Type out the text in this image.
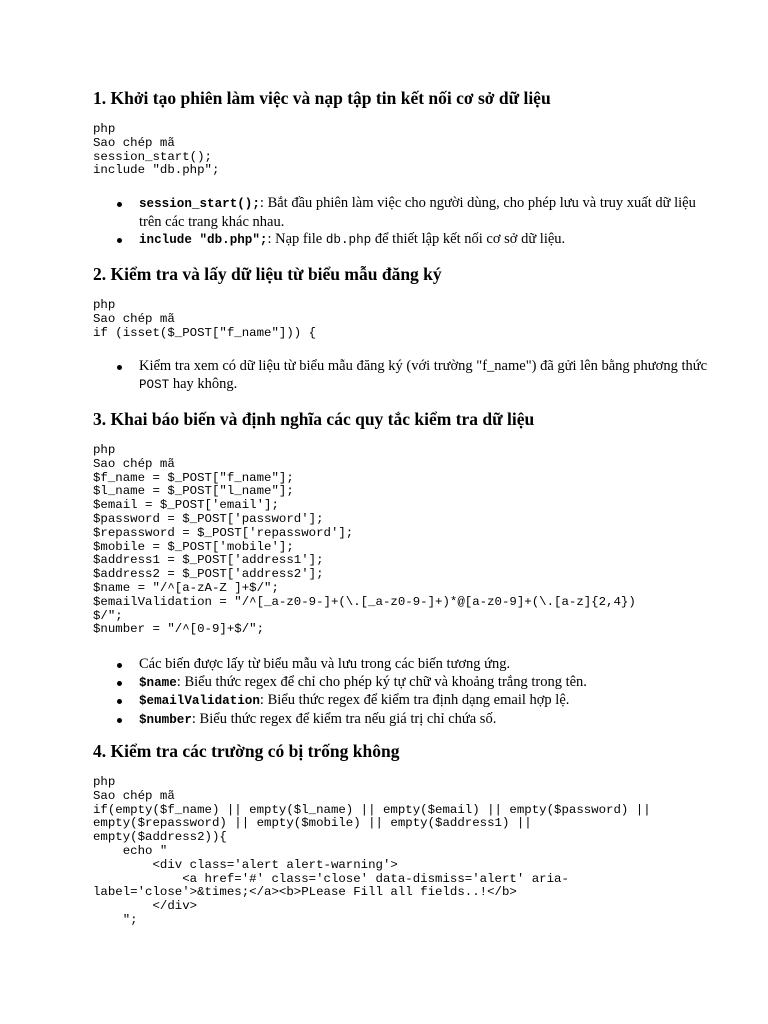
1. Khởi tạo phiên làm việc và nạp tập tin kết nối cơ sở dữ liệu
php
Sao chép mã
session_start();
include "db.php";
session_start();: Bắt đầu phiên làm việc cho người dùng, cho phép lưu và truy xuất dữ liệu trên các trang khác nhau.
include "db.php";: Nạp file db.php để thiết lập kết nối cơ sở dữ liệu.
2. Kiểm tra và lấy dữ liệu từ biểu mẫu đăng ký
php
Sao chép mã
if (isset($_POST["f_name"])) {
Kiểm tra xem có dữ liệu từ biểu mẫu đăng ký (với trường "f_name") đã gửi lên bằng phương thức POST hay không.
3. Khai báo biến và định nghĩa các quy tắc kiểm tra dữ liệu
php
Sao chép mã
$f_name = $_POST["f_name"];
$l_name = $_POST["l_name"];
$email = $_POST['email'];
$password = $_POST['password'];
$repassword = $_POST['repassword'];
$mobile = $_POST['mobile'];
$address1 = $_POST['address1'];
$address2 = $_POST['address2'];
$name = "/^[a-zA-Z ]+$/";
$emailValidation = "/^[_a-z0-9-]+(\.[_a-z0-9-]+)*@[a-z0-9]+(\.[a-z]{2,4})
$/";
$number = "/^[0-9]+$/";
Các biến được lấy từ biểu mẫu và lưu trong các biến tương ứng.
$name: Biểu thức regex để chỉ cho phép ký tự chữ và khoảng trắng trong tên.
$emailValidation: Biểu thức regex để kiểm tra định dạng email hợp lệ.
$number: Biểu thức regex để kiểm tra nếu giá trị chỉ chứa số.
4. Kiểm tra các trường có bị trống không
php
Sao chép mã
if(empty($f_name) || empty($l_name) || empty($email) || empty($password) ||
empty($repassword) || empty($mobile) || empty($address1) ||
empty($address2)){
echo "
<div class='alert alert-warning'>
<a href='#' class='close' data-dismiss='alert' aria-
label='close'>&times;</a><b>PLease Fill all fields..!</b>
</div>
";
